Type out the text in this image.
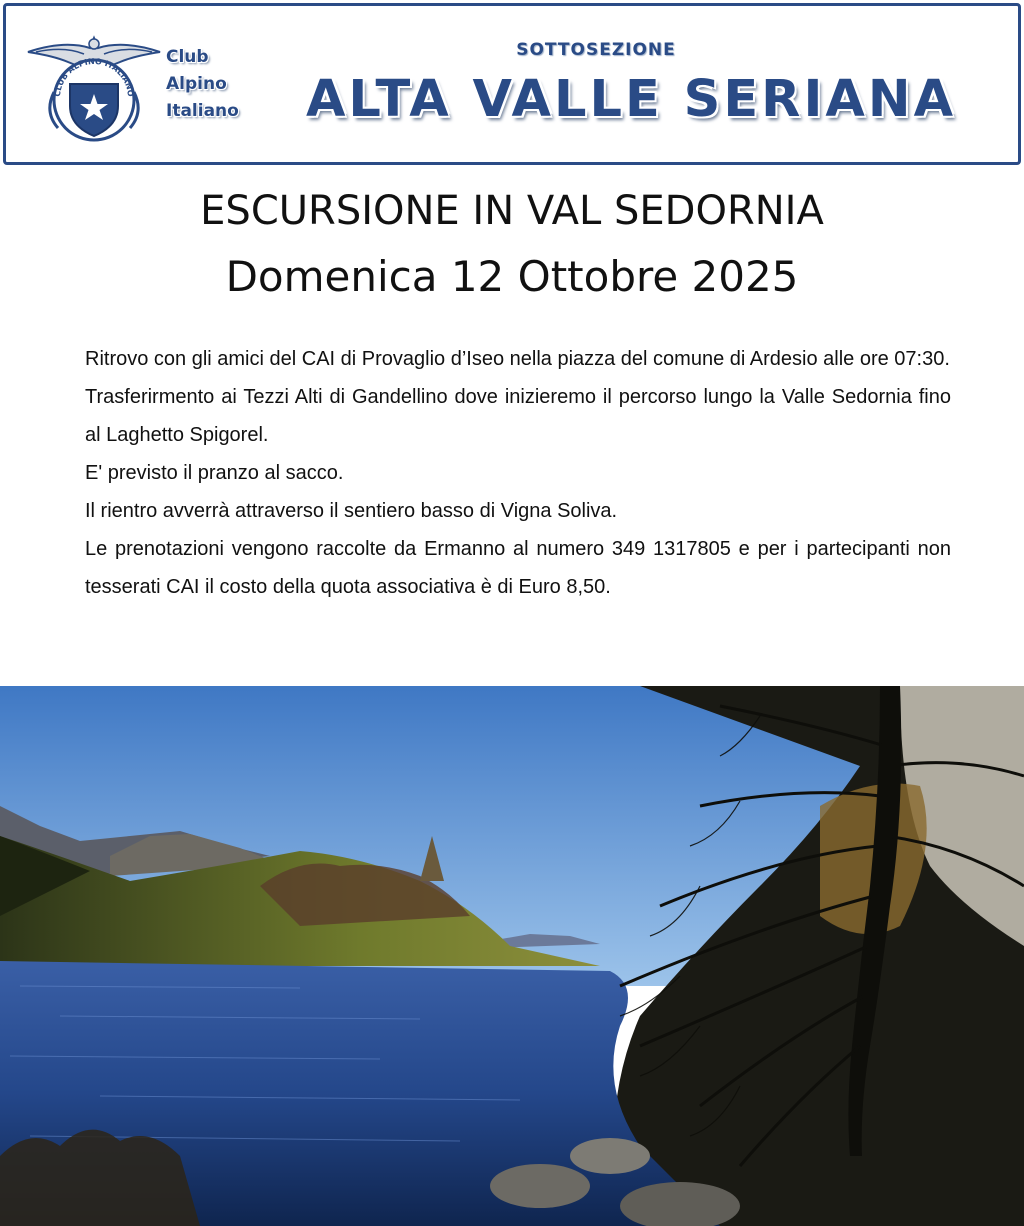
CLUB ALPINO ITALIANO
Club
Alpino
Italiano
SOTTOSEZIONE
ALTA VALLE SERIANA
ESCURSIONE IN VAL SEDORNIA
Domenica 12 Ottobre 2025

Ritrovo con gli amici del CAI di Provaglio d’Iseo nella piazza del comune di Ardesio alle ore 07:30.

Trasferirmento ai Tezzi Alti di Gandellino dove inizieremo il percorso lungo la Valle Sedornia fino al Laghetto Spigorel.

E' previsto il pranzo al sacco.

Il rientro avverrà attraverso il sentiero basso di Vigna Soliva.

Le prenotazioni vengono raccolte da Ermanno al numero 349 1317805 e per i partecipanti non tesserati CAI il costo della quota associativa è di Euro 8,50.
